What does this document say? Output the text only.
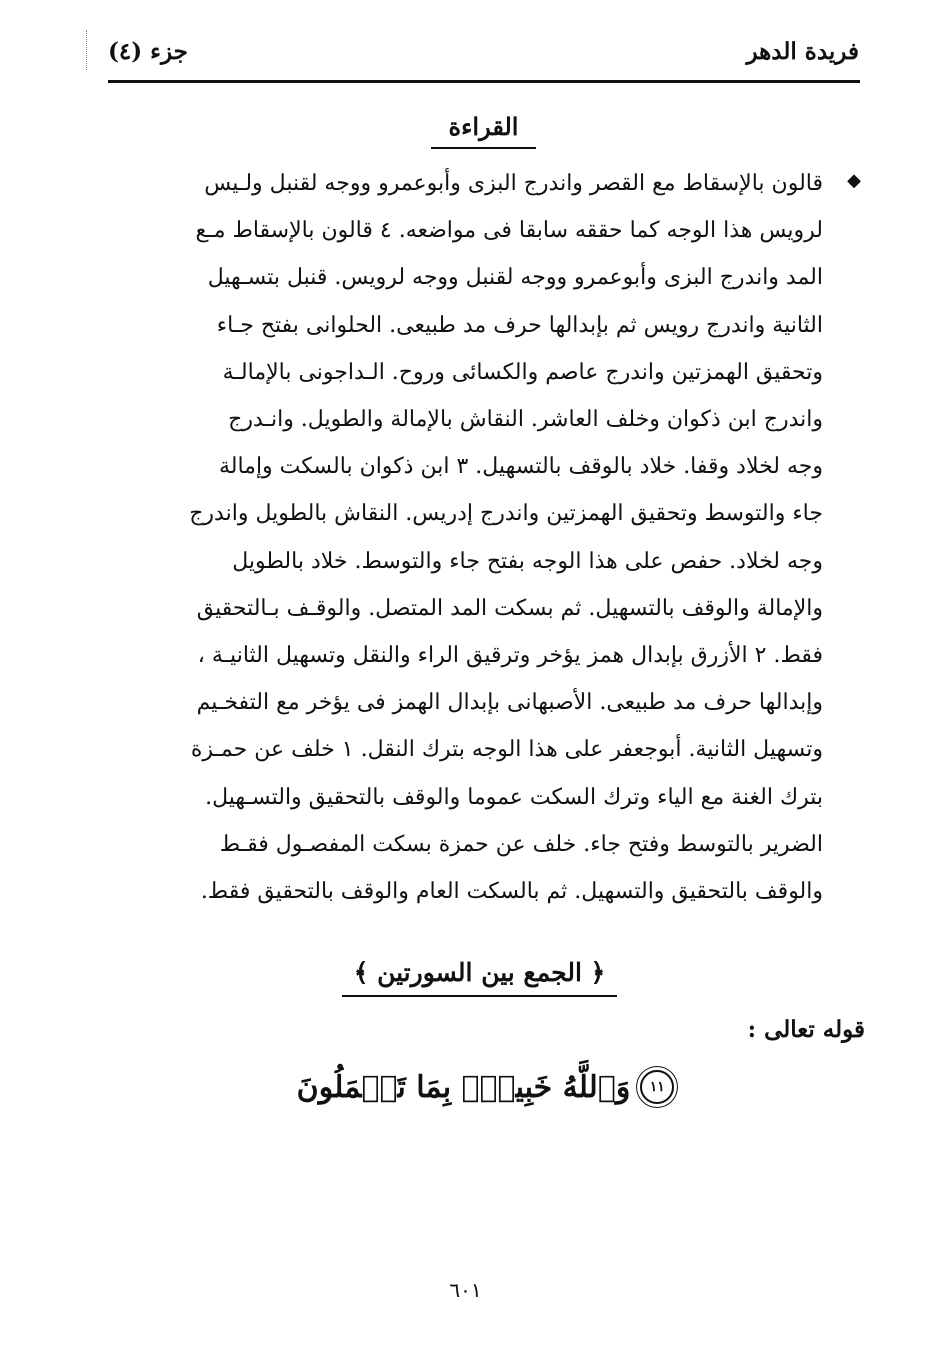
فريدة الدهر
جزء (٤)
القراءة
◆
قالون بالإسقاط مع القصر واندرج البزى وأبوعمرو ووجه لقنبل ولـيس
لرويس هذا الوجه كما حققه سابقا فى مواضعه. ٤ قالون بالإسقاط مـع
المد واندرج البزى وأبوعمرو ووجه لقنبل ووجه لرويس. قنبل بتسـهيل
الثانية واندرج رويس ثم بإبدالها حرف مد طبيعى. الحلوانى بفتح جـاء
وتحقيق الهمزتين واندرج عاصم والكسائى وروح. الـداجونى بالإمالـة
واندرج ابن ذكوان وخلف العاشر. النقاش بالإمالة والطويل. وانـدرج
وجه لخلاد وقفا. خلاد بالوقف بالتسهيل. ٣ ابن ذكوان بالسكت وإمالة
جاء والتوسط وتحقيق الهمزتين واندرج إدريس. النقاش بالطويل واندرج
وجه لخلاد. حفص على هذا الوجه بفتح جاء والتوسط. خلاد بالطويل
والإمالة والوقف بالتسهيل. ثم بسكت المد المتصل. والوقـف بـالتحقيق
فقط. ٢ الأزرق بإبدال همز يؤخر وترقيق الراء والنقل وتسهيل الثانيـة ،
وإبدالها حرف مد طبيعى. الأصبهانى بإبدال الهمز فى يؤخر مع التفخـيم
وتسهيل الثانية. أبوجعفر على هذا الوجه بترك النقل. ١ خلف عن حمـزة
بترك الغنة مع الياء وترك السكت عموما والوقف بالتحقيق والتسـهيل.
الضرير بالتوسط وفتح جاء. خلف عن حمزة بسكت المفصـول فقـط
والوقف بالتحقيق والتسهيل. ثم بالسكت العام والوقف بالتحقيق فقط.
﴿ الجمع بين السورتين ﴾
قوله تعالى :
وَٱللَّهُ خَبِيرُۢ بِمَا تَعۡمَلُونَ	١١
٦٠١
